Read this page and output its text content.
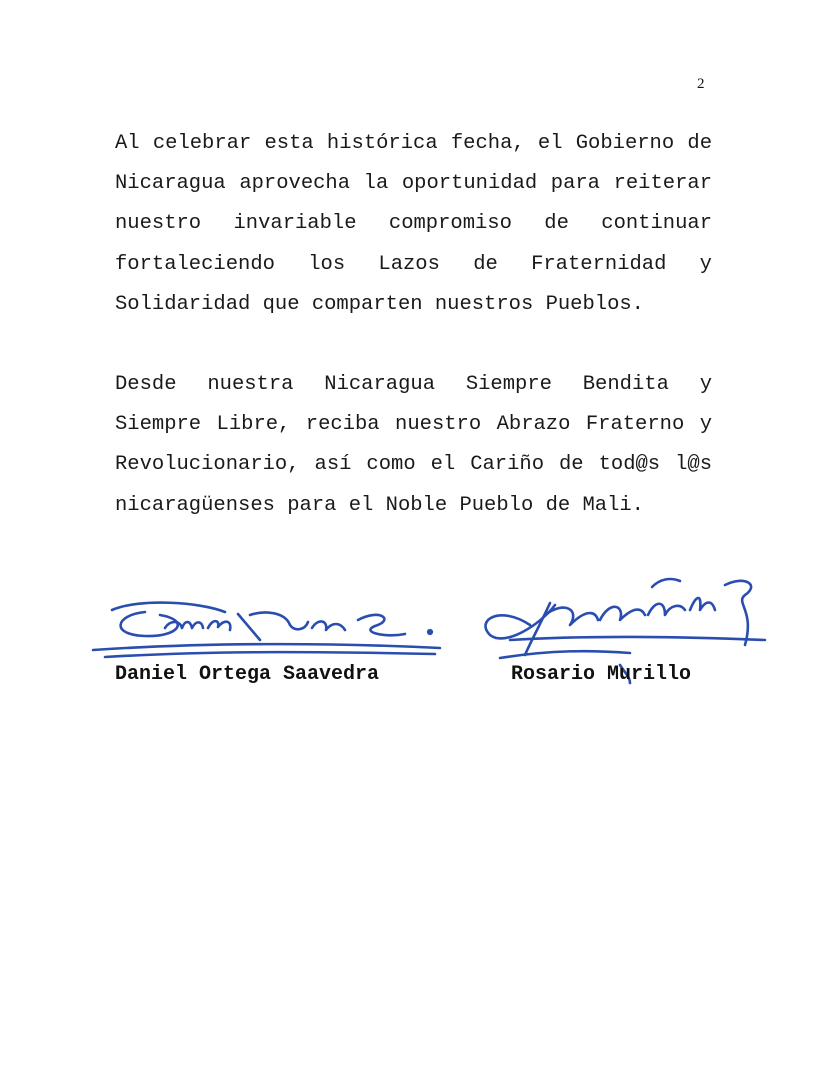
2

Al celebrar esta histórica fecha, el Gobierno de Nicaragua aprovecha la oportunidad para reiterar nuestro invariable compromiso de continuar fortaleciendo los Lazos de Fraternidad y Solidaridad que comparten nuestros Pueblos.

Desde nuestra Nicaragua Siempre Bendita y Siempre Libre, reciba nuestro Abrazo Fraterno y Revolucionario, así como el Cariño de tod@s l@s nicaragüenses para el Noble Pueblo de Mali.

Daniel Ortega Saavedra	Rosario Murillo
